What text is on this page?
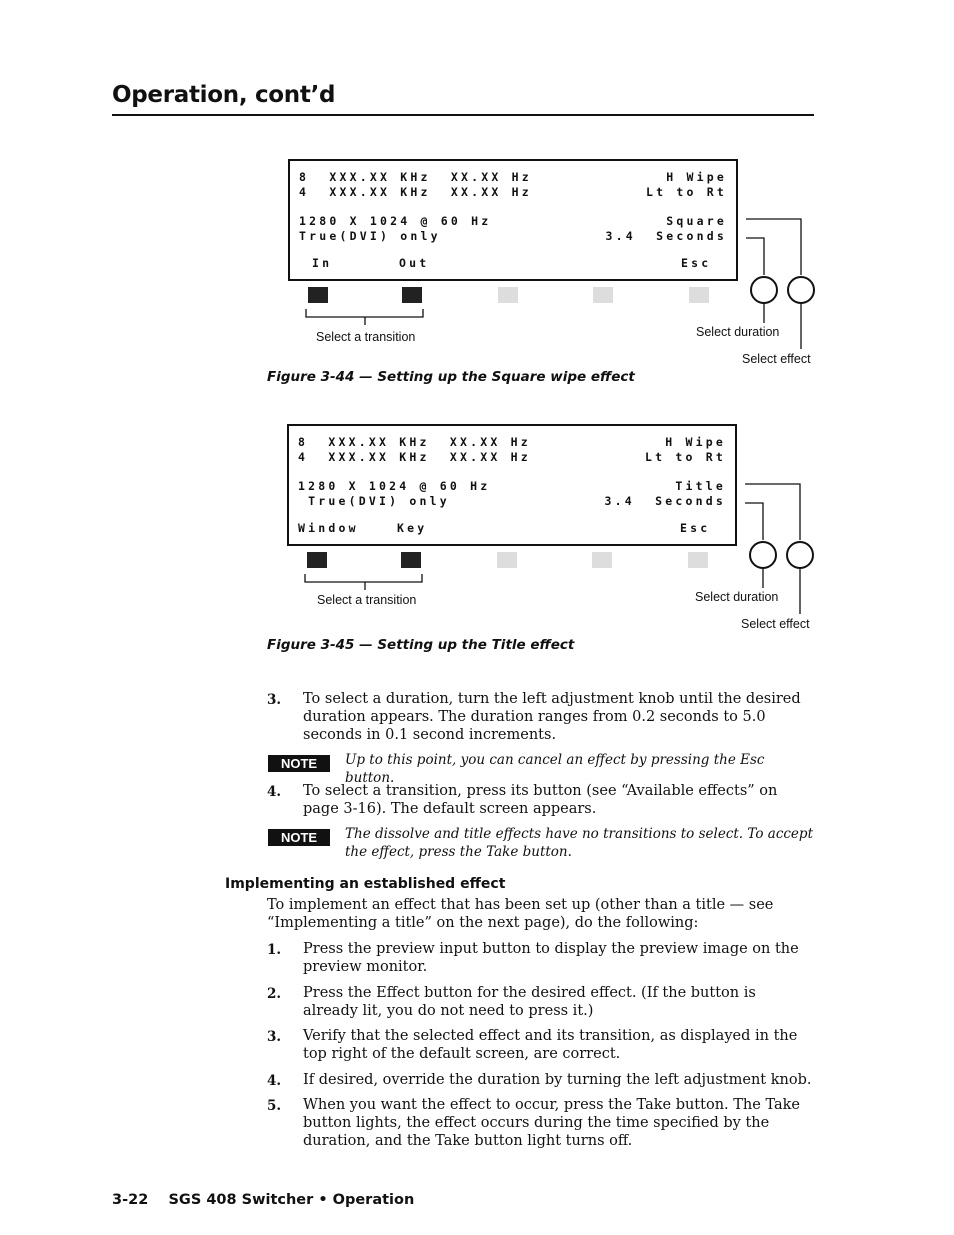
Operation, cont’d
8  XXX.XX KHz  XX.XX Hz	H Wipe
4  XXX.XX KHz  XX.XX Hz	Lt to Rt
1280 X 1024 @ 60 Hz	Square
True(DVI) only	3.4  Seconds
In	Out	Esc
Select a transition	Select duration
Select effect
Figure 3-44 — Setting up the Square wipe effect
8  XXX.XX KHz  XX.XX Hz	H Wipe
4  XXX.XX KHz  XX.XX Hz	Lt to Rt
1280 X 1024 @ 60 Hz	Title
True(DVI) only	3.4  Seconds
Window	Key	Esc
Select a transition	Select duration
Select effect
Figure 3-45 — Setting up the Title effect
3. To select a duration, turn the left adjustment knob until the desired duration appears. The duration ranges from 0.2 seconds to 5.0 seconds in 0.1 second increments.
NOTE	Up to this point, you can cancel an effect by pressing the Esc button.
4. To select a transition, press its button (see “Available effects” on page 3-16). The default screen appears.
NOTE	The dissolve and title effects have no transitions to select. To accept the effect, press the Take button.
Implementing an established effect
To implement an effect that has been set up (other than a title — see “Implementing a title” on the next page), do the following:
1. Press the preview input button to display the preview image on the preview monitor.
2. Press the Effect button for the desired effect. (If the button is already lit, you do not need to press it.)
3. Verify that the selected effect and its transition, as displayed in the top right of the default screen, are correct.
4. If desired, override the duration by turning the left adjustment knob.
5. When you want the effect to occur, press the Take button. The Take button lights, the effect occurs during the time specified by the duration, and the Take button light turns off.
3-22    SGS 408 Switcher • Operation
